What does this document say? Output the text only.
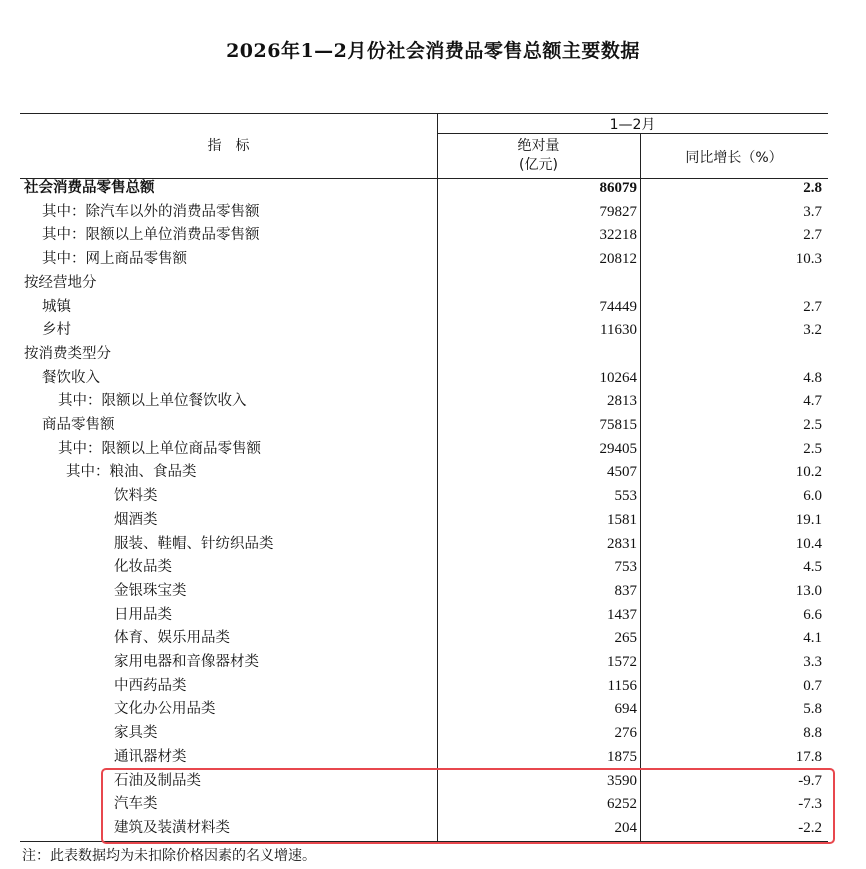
2026年1—2月份社会消费品零售总额主要数据
指　标
1—2月
绝对量
(亿元)	同比增长（%）
社会消费品零售总额	86079	2.8
其中：除汽车以外的消费品零售额	79827	3.7
其中：限额以上单位消费品零售额	32218	2.7
其中：网上商品零售额	20812	10.3
按经营地分
城镇	74449	2.7
乡村	11630	3.2
按消费类型分
餐饮收入	10264	4.8
其中：限额以上单位餐饮收入	2813	4.7
商品零售额	75815	2.5
其中：限额以上单位商品零售额	29405	2.5
其中：粮油、食品类	4507	10.2
饮料类	553	6.0
烟酒类	1581	19.1
服装、鞋帽、针纺织品类	2831	10.4
化妆品类	753	4.5
金银珠宝类	837	13.0
日用品类	1437	6.6
体育、娱乐用品类	265	4.1
家用电器和音像器材类	1572	3.3
中西药品类	1156	0.7
文化办公用品类	694	5.8
家具类	276	8.8
通讯器材类	1875	17.8
石油及制品类	3590	-9.7
汽车类	6252	-7.3
建筑及装潢材料类	204	-2.2
注：此表数据均为未扣除价格因素的名义增速。
